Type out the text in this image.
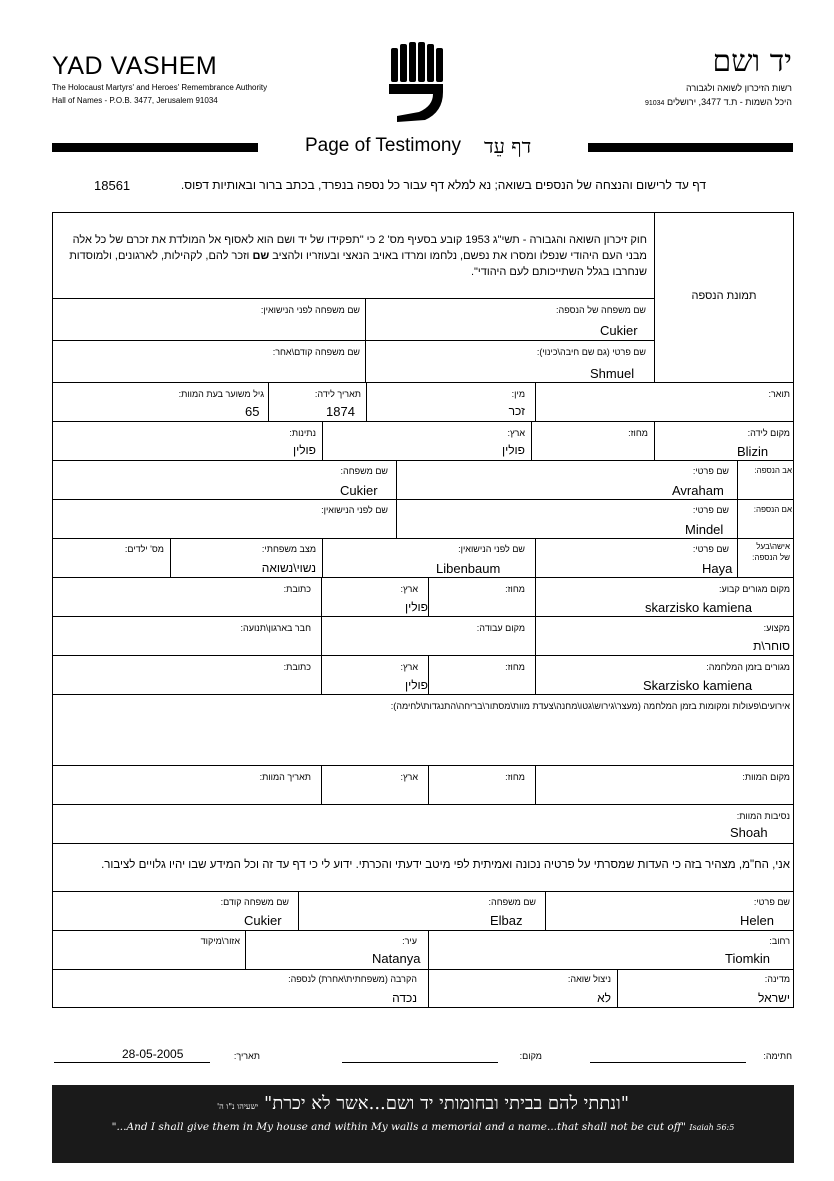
YAD VASHEM
The Holocaust Martyrs' and Heroes' Remembrance Authority
Hall of Names - P.O.B. 3477, Jerusalem 91034
יד ושם
רשות הזיכרון לשואה ולגבורה
היכל השמות - ת.ד 3477, ירושלים 91034
Page of Testimony דף עֵד
דף עד לרישום והנצחה של הנספים בשואה; נא למלא דף עבור כל נספה בנפרד, בכתב ברור ובאותיות דפוס.
18561
חוק זיכרון השואה והגבורה - תשי"ג 1953 קובע בסעיף מס' 2 כי "תפקידו של יד ושם הוא לאסוף אל המולדת את זכרם של כל אלה מבני העם היהודי שנפלו ומסרו את נפשם, נלחמו ומרדו באויב הנאצי ובעוזריו ולהציב שם וזכר להם, לקהילות, לארגונים, ולמוסדות שנחרבו בגלל השתייכותם לעם היהודי".
תמונת הנספה
שם משפחה של הנספה:
Cukier
שם משפחה לפני הנישואין:
שם פרטי (גם שם חיבה\כינוי):
Shmuel
שם משפחה קודם\אחר:
תואר:
מין:
זכר
תאריך לידה:
1874
גיל משוער בעת המוות:
65
מקום לידה:
Blizin
מחוז:
ארץ:
פולין
נתינות:
פולין
אב הנספה:
שם פרטי:
Avraham
שם משפחה:
Cukier
אם הנספה:
שם פרטי:
Mindel
שם לפני הנישואין:
אישה\בעל
של הנספה:
שם פרטי:
Haya
שם לפני הנישואין:
Libenbaum
מצב משפחתי:
נשוי\נשואה
מס' ילדים:
מקום מגורים קבוע:
skarzisko kamiena
מחוז:
ארץ:
פולין
כתובת:
מקצוע:
סוחר\ת
מקום עבודה:
חבר בארגון\תנועה:
מגורים בזמן המלחמה:
Skarzisko kamiena
מחוז:
ארץ:
פולין
כתובת:
אירועים\פעולות ומקומות בזמן המלחמה (מעצר\גירוש\גטו\מחנה\צעדת מוות\מסתור\בריחה\התנגדות\לחימה):
מקום המוות:
מחוז:
ארץ:
תאריך המוות:
נסיבות המוות:
Shoah
אני, הח"מ, מצהיר בזה כי העדות שמסרתי על פרטיה נכונה ואמיתית לפי מיטב ידעתי והכרתי. ידוע לי כי דף עד זה וכל המידע שבו יהיו גלויים לציבור.
שם פרטי:
Helen
שם משפחה:
Elbaz
שם משפחה קודם:
Cukier
רחוב:
Tiomkin
עיר:
Natanya
אזור\מיקוד
מדינה:
ישראל
ניצול שואה:
לא
הקרבה (משפחתית\אחרת) לנספה:
נכדה
חתימה:
מקום:
תאריך:
28-05-2005
"ונתתי להם בביתי ובחומותי יד ושם...אשר לא יכרת" ישעיהו נ"ו ה'
"...And I shall give them in My house and within My walls a memorial and a name...that shall not be cut off" Isaiah 56:5
